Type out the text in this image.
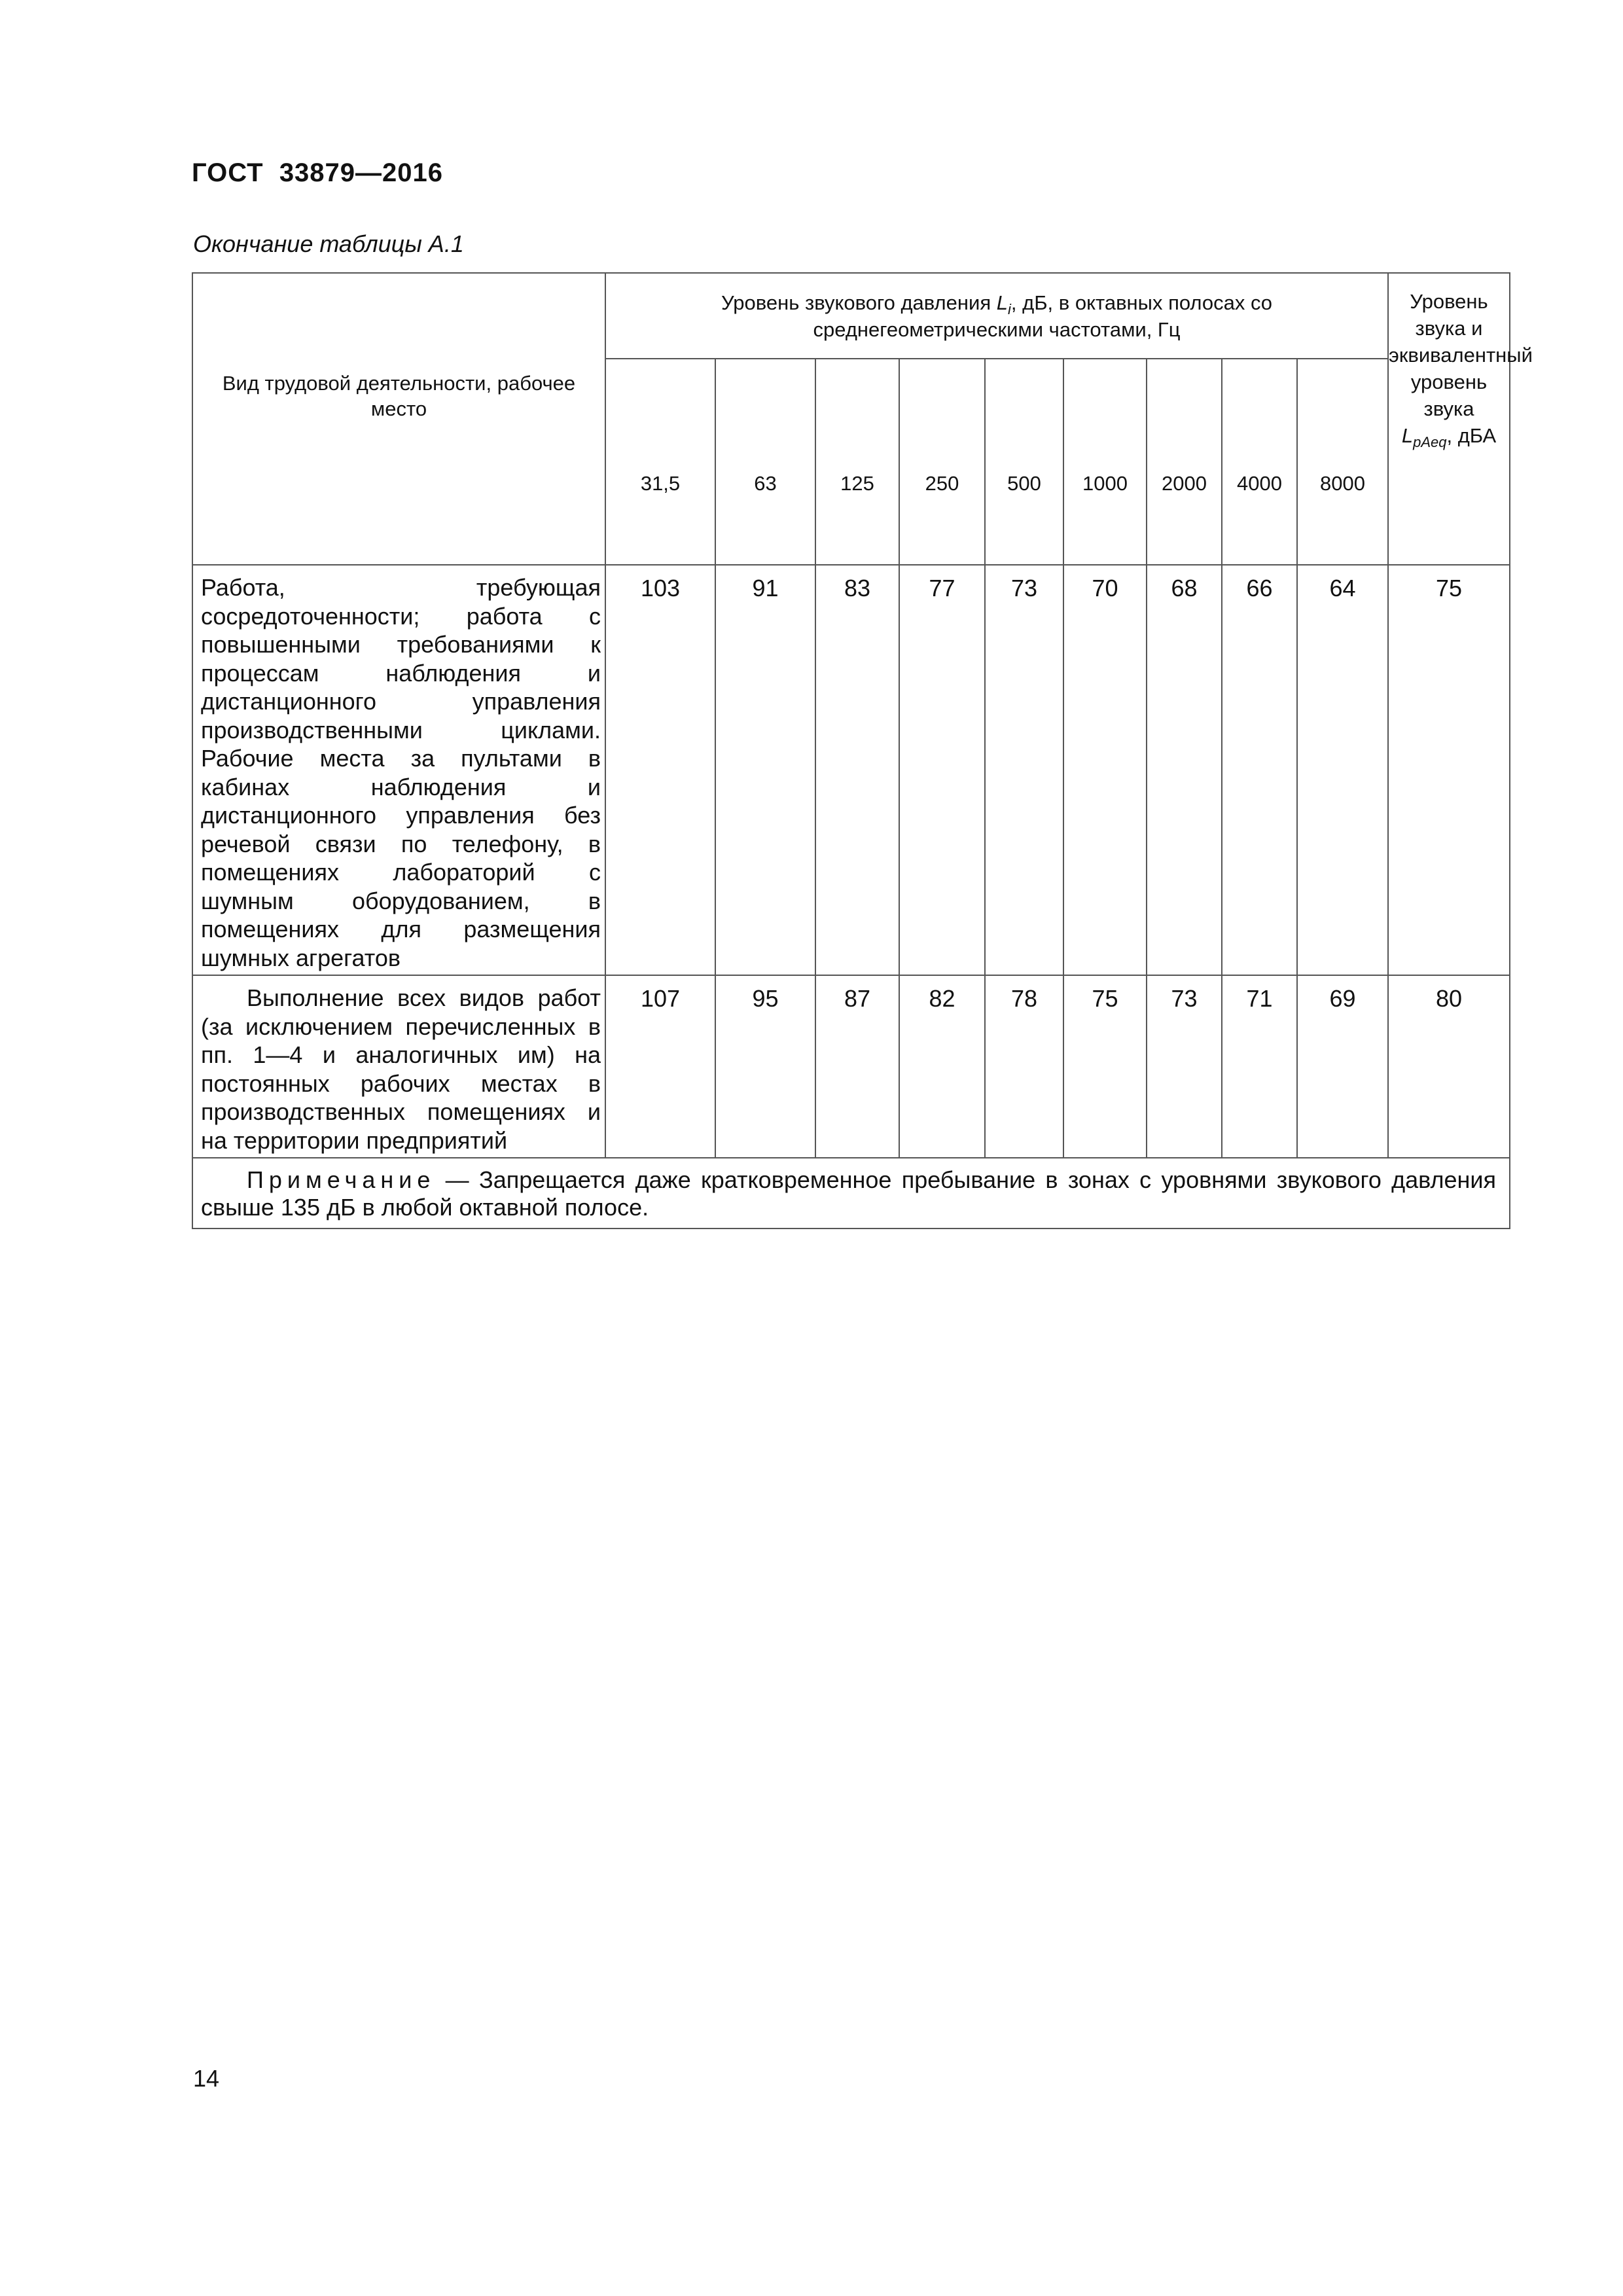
ГОСТ  33879—2016
Окончание таблицы А.1
Вид трудовой деятельности, рабочее место	Уровень звукового давления $L_i$, дБ, в октавных полосах со среднегеометрическими частотами, Гц									Уровень звука и эквивалентный уровень звука
$L_{pAeq}$, дБА
	31,5	63	125	250	500	1000	2000	4000	8000	
Работа, требующая сосредоточенности; работа с повышенными требованиями к процессам наблюдения и дистанционного управления производственными циклами. Рабочие места за пультами в кабинах наблюдения и дистанционного управления без речевой связи по телефону, в помещениях лабораторий с шумным оборудованием, в помещениях для размещения шумных агрегатов	103	91	83	77	73	70	68	66	64	75
Выполнение всех видов работ (за исключением перечисленных в пп. 1—4 и аналогичных им) на постоянных рабочих местах в производственных помещениях и на территории предприятий	107	95	87	82	78	75	73	71	69	80
Примечание — Запрещается даже кратковременное пребывание в зонах с уровнями звукового давления свыше 135 дБ в любой октавной полосе.										
14
